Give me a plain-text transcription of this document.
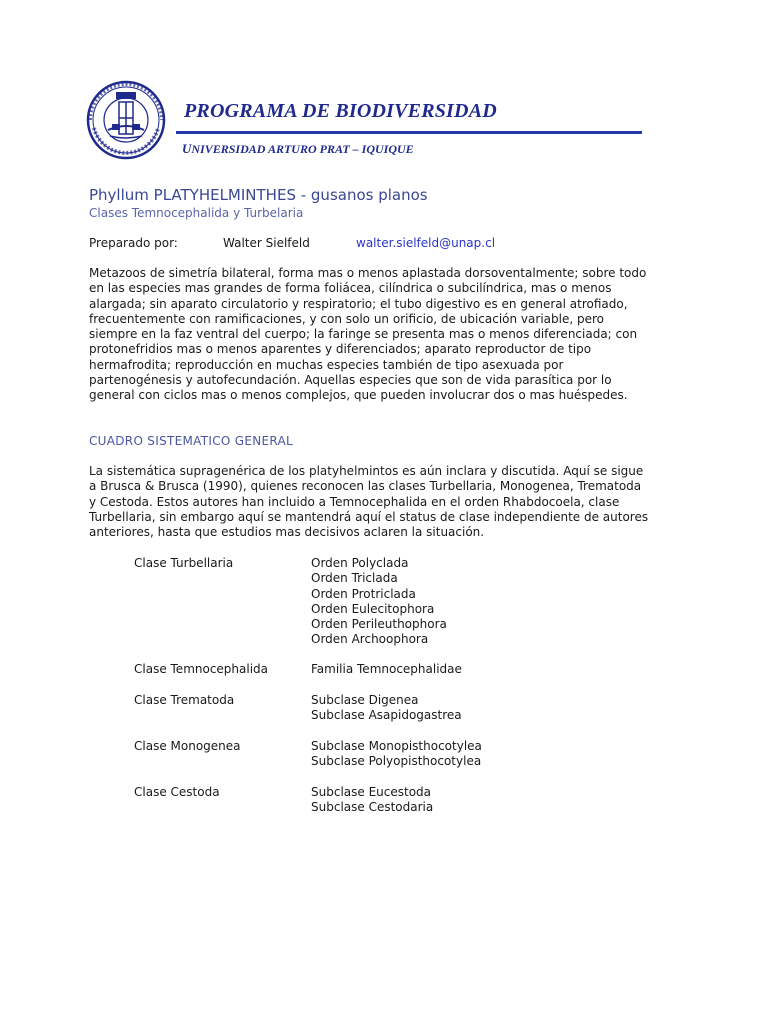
PROGRAMA DE BIODIVERSIDAD
UNIVERSIDAD ARTURO PRAT – IQUIQUE
Phyllum PLATYHELMINTHES - gusanos planos
Clases Temnocephalida y Turbelaria
Preparado por:	Walter Sielfeld	walter.sielfeld@unap.cl
Metazoos de simetría bilateral, forma mas o menos aplastada dorsoventalmente; sobre todo
en las especies mas grandes de forma foliácea, cilíndrica o subcilíndrica, mas o menos
alargada; sin aparato circulatorio y respiratorio; el tubo digestivo es en general atrofiado,
frecuentemente con ramificaciones, y con solo un orificio, de ubicación variable, pero
siempre en la faz ventral del cuerpo; la faringe se presenta mas o menos diferenciada; con
protonefridios mas o menos aparentes y diferenciados; aparato reproductor de tipo
hermafrodita; reproducción en muchas especies también de tipo asexuada por
partenogénesis y autofecundación. Aquellas especies que son de vida parasítica por lo
general con ciclos mas o menos complejos, que pueden involucrar dos o mas huéspedes.
CUADRO SISTEMATICO GENERAL
La sistemática supragenérica de los platyhelmintos es aún inclara y discutida. Aquí se sigue
a Brusca & Brusca (1990), quienes reconocen las clases Turbellaria, Monogenea, Trematoda
y Cestoda. Estos autores han incluido a Temnocephalida en el orden Rhabdocoela, clase
Turbellaria, sin embargo aquí se mantendrá aquí el status de clase independiente de autores
anteriores, hasta que estudios mas decisivos aclaren la situación.
Clase Turbellaria	Orden Polyclada
Orden Triclada
Orden Protriclada
Orden Eulecitophora
Orden Perileuthophora
Orden Archoophora
Clase Temnocephalida	Familia Temnocephalidae
Clase Trematoda	Subclase Digenea
Subclase Asapidogastrea
Clase Monogenea	Subclase Monopisthocotylea
Subclase Polyopisthocotylea
Clase Cestoda	Subclase Eucestoda
Subclase Cestodaria
